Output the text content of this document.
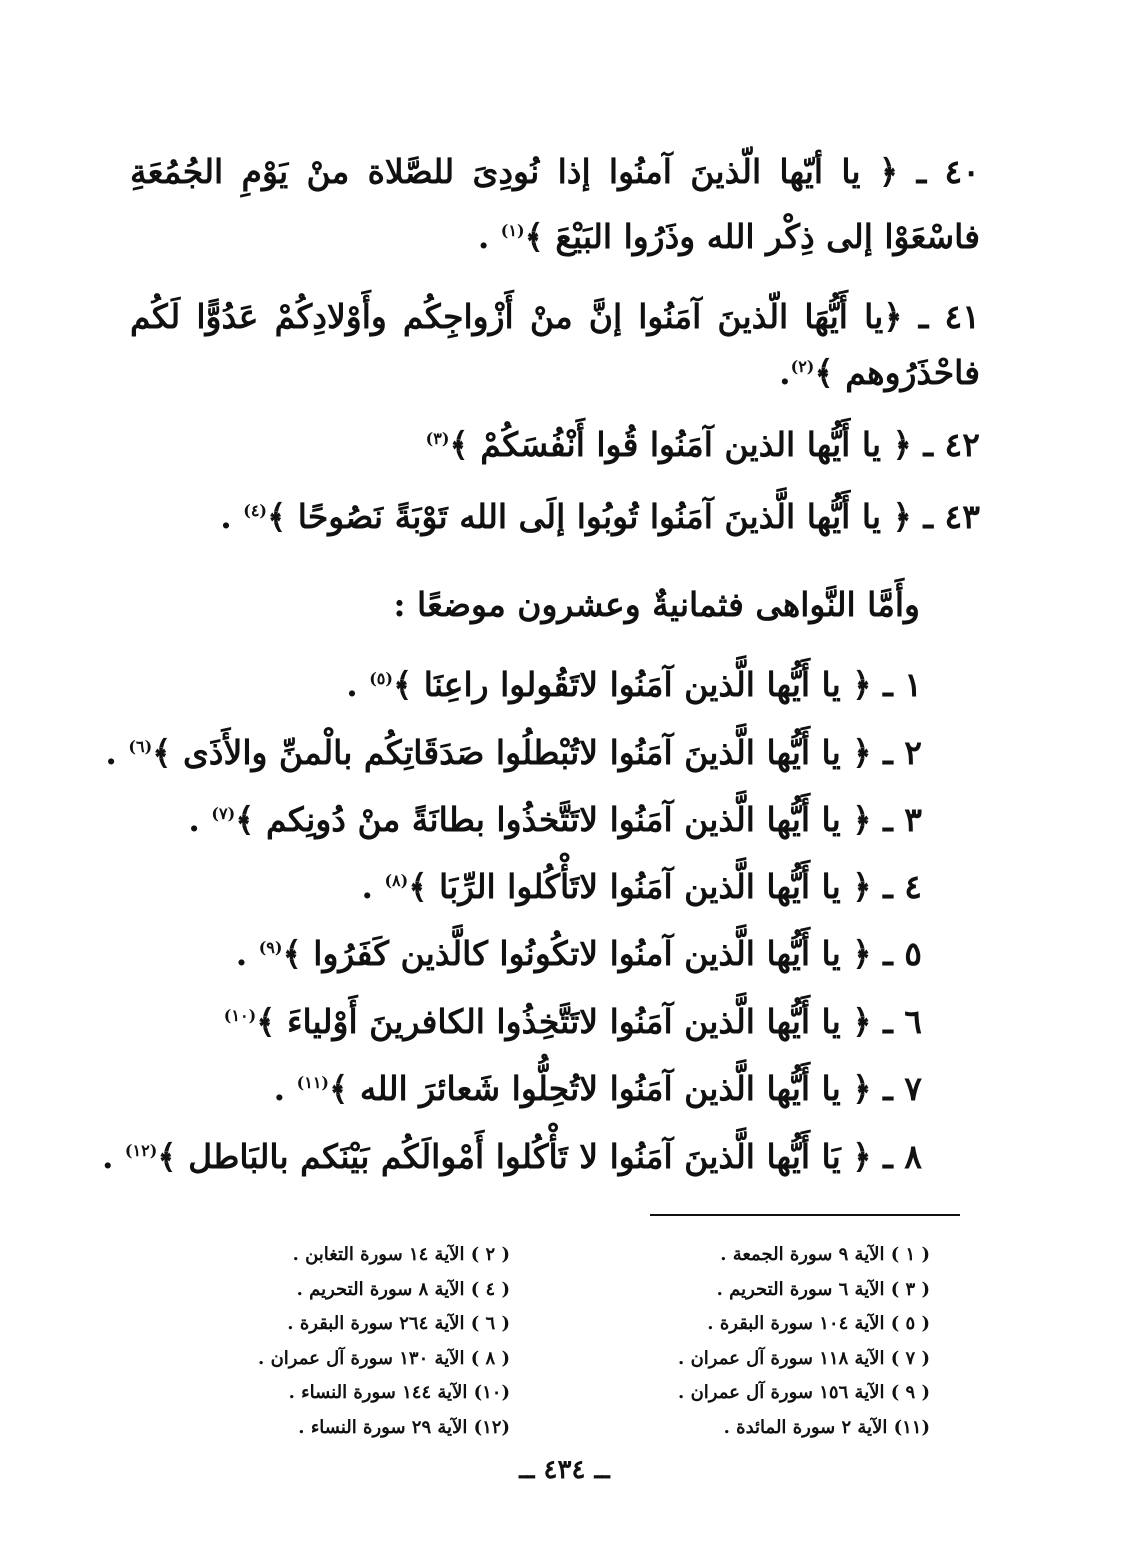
٤٠ ـ ﴿ يا أيّها الّذينَ آمنُوا إذا نُودِىَ للصَّلاة منْ يَوْمِ الجُمُعَةِ
فاسْعَوْا إلى ذِكْر الله وذَرُوا البَيْعَ ﴾$^{(١)}$ .
٤١ ـ ﴿يا أَيُّهَا الّذينَ آمَنُوا إنَّ منْ أَزْواجِكُم وأَوْلادِكُمْ عَدُوًّا لَكُم
فاحْذَرُوهم ﴾$^{(٢)}$.
٤٢ ـ ﴿ يا أَيُّها الذين آمَنُوا قُوا أَنْفُسَكُمْ ﴾$^{(٣)}$
٤٣ ـ ﴿ يا أَيُّها الَّذينَ آمَنُوا تُوبُوا إلَى الله تَوْبَةً نَصُوحًا ﴾$^{(٤)}$ .
وأَمَّا النَّواهى فثمانيةٌ وعشرون موضعًا :
١ ـ ﴿ يا أَيُّها الَّذين آمَنُوا لاتَقُولوا راعِنَا ﴾$^{(٥)}$ .
٢ ـ ﴿ يا أَيُّها الَّذينَ آمَنُوا لاتُبْطلُوا صَدَقَاتِكُم بالْمنِّ والأَذَى ﴾$^{(٦)}$ .
٣ ـ ﴿ يا أَيُّها الَّذين آمَنُوا لاتَتَّخذُوا بطانَةً منْ دُونِكم ﴾$^{(٧)}$ .
٤ ـ ﴿ يا أَيُّها الَّذين آمَنُوا لاتَأْكُلوا الرِّبَا ﴾$^{(٨)}$ .
٥ ـ ﴿ يا أَيُّها الَّذين آمنُوا لاتكُونُوا كالَّذين كَفَرُوا ﴾$^{(٩)}$ .
٦ ـ ﴿ يا أَيُّها الَّذين آمَنُوا لاتَتَّخِذُوا الكافرينَ أَوْلياءَ ﴾$^{(١٠)}$
٧ ـ ﴿ يا أَيُّها الَّذين آمَنُوا لاتُحِلُّوا شَعائرَ الله ﴾$^{(١١)}$ .
٨ ـ ﴿ يَا أَيُّها الَّذينَ آمَنُوا لا تَأْكُلوا أَمْوالَكُم بَيْنَكم بالبَاطل ﴾$^{(١٢)}$ .
( ١ ) الآية ٩ سورة الجمعة .
( ٣ ) الآية ٦ سورة التحريم .
( ٥ ) الآية ١٠٤ سورة البقرة .
( ٧ ) الآية ١١٨ سورة آل عمران .
( ٩ ) الآية ١٥٦ سورة آل عمران .
(١١) الآية ٢ سورة المائدة .
( ٢ ) الآية ١٤ سورة التغابن .
( ٤ ) الآية ٨ سورة التحريم .
( ٦ ) الآية ٢٦٤ سورة البقرة .
( ٨ ) الآية ١٣٠ سورة آل عمران .
(١٠) الآية ١٤٤ سورة النساء .
(١٢) الآية ٢٩ سورة النساء .
ــ ٤٣٤ ــ
